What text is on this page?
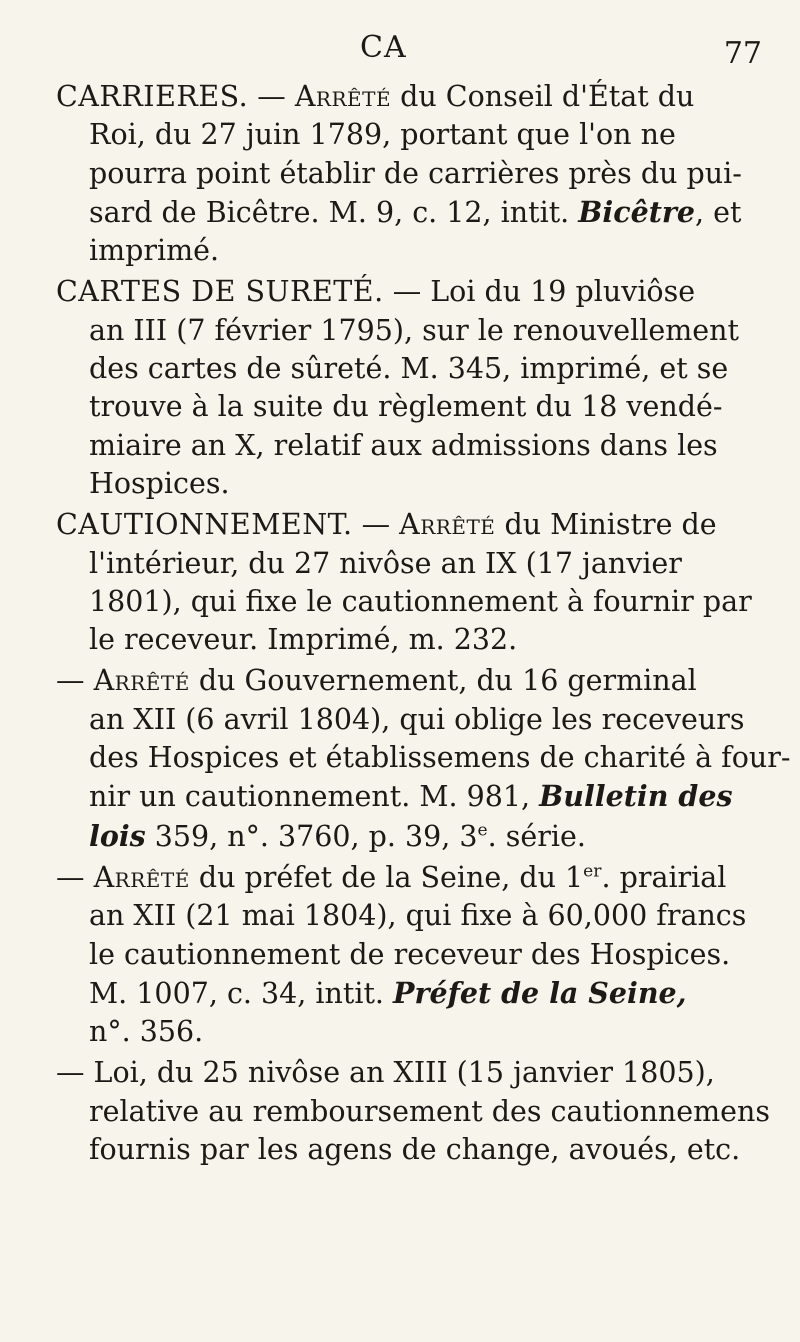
CA	77
CARRIERES. — Arrêté du Conseil d'État du
Roi, du 27 juin 1789, portant que l'on ne
pourra point établir de carrières près du pui-
sard de Bicêtre. M. 9, c. 12, intit. Bicêtre, et
imprimé.
CARTES DE SURETÉ. — Loi du 19 pluviôse
an III (7 février 1795), sur le renouvellement
des cartes de sûreté. M. 345, imprimé, et se
trouve à la suite du règlement du 18 vendé-
miaire an X, relatif aux admissions dans les
Hospices.
CAUTIONNEMENT. — Arrêté du Ministre de
l'intérieur, du 27 nivôse an IX (17 janvier
1801), qui fixe le cautionnement à fournir par
le receveur. Imprimé, m. 232.
— Arrêté du Gouvernement, du 16 germinal
an XII (6 avril 1804), qui oblige les receveurs
des Hospices et établissemens de charité à four-
nir un cautionnement. M. 981, Bulletin des
lois 359, n°. 3760, p. 39, 3e. série.
— Arrêté du préfet de la Seine, du 1er. prairial
an XII (21 mai 1804), qui fixe à 60,000 francs
le cautionnement de receveur des Hospices.
M. 1007, c. 34, intit. Préfet de la Seine,
n°. 356.
— Loi, du 25 nivôse an XIII (15 janvier 1805),
relative au remboursement des cautionnemens
fournis par les agens de change, avoués, etc.
